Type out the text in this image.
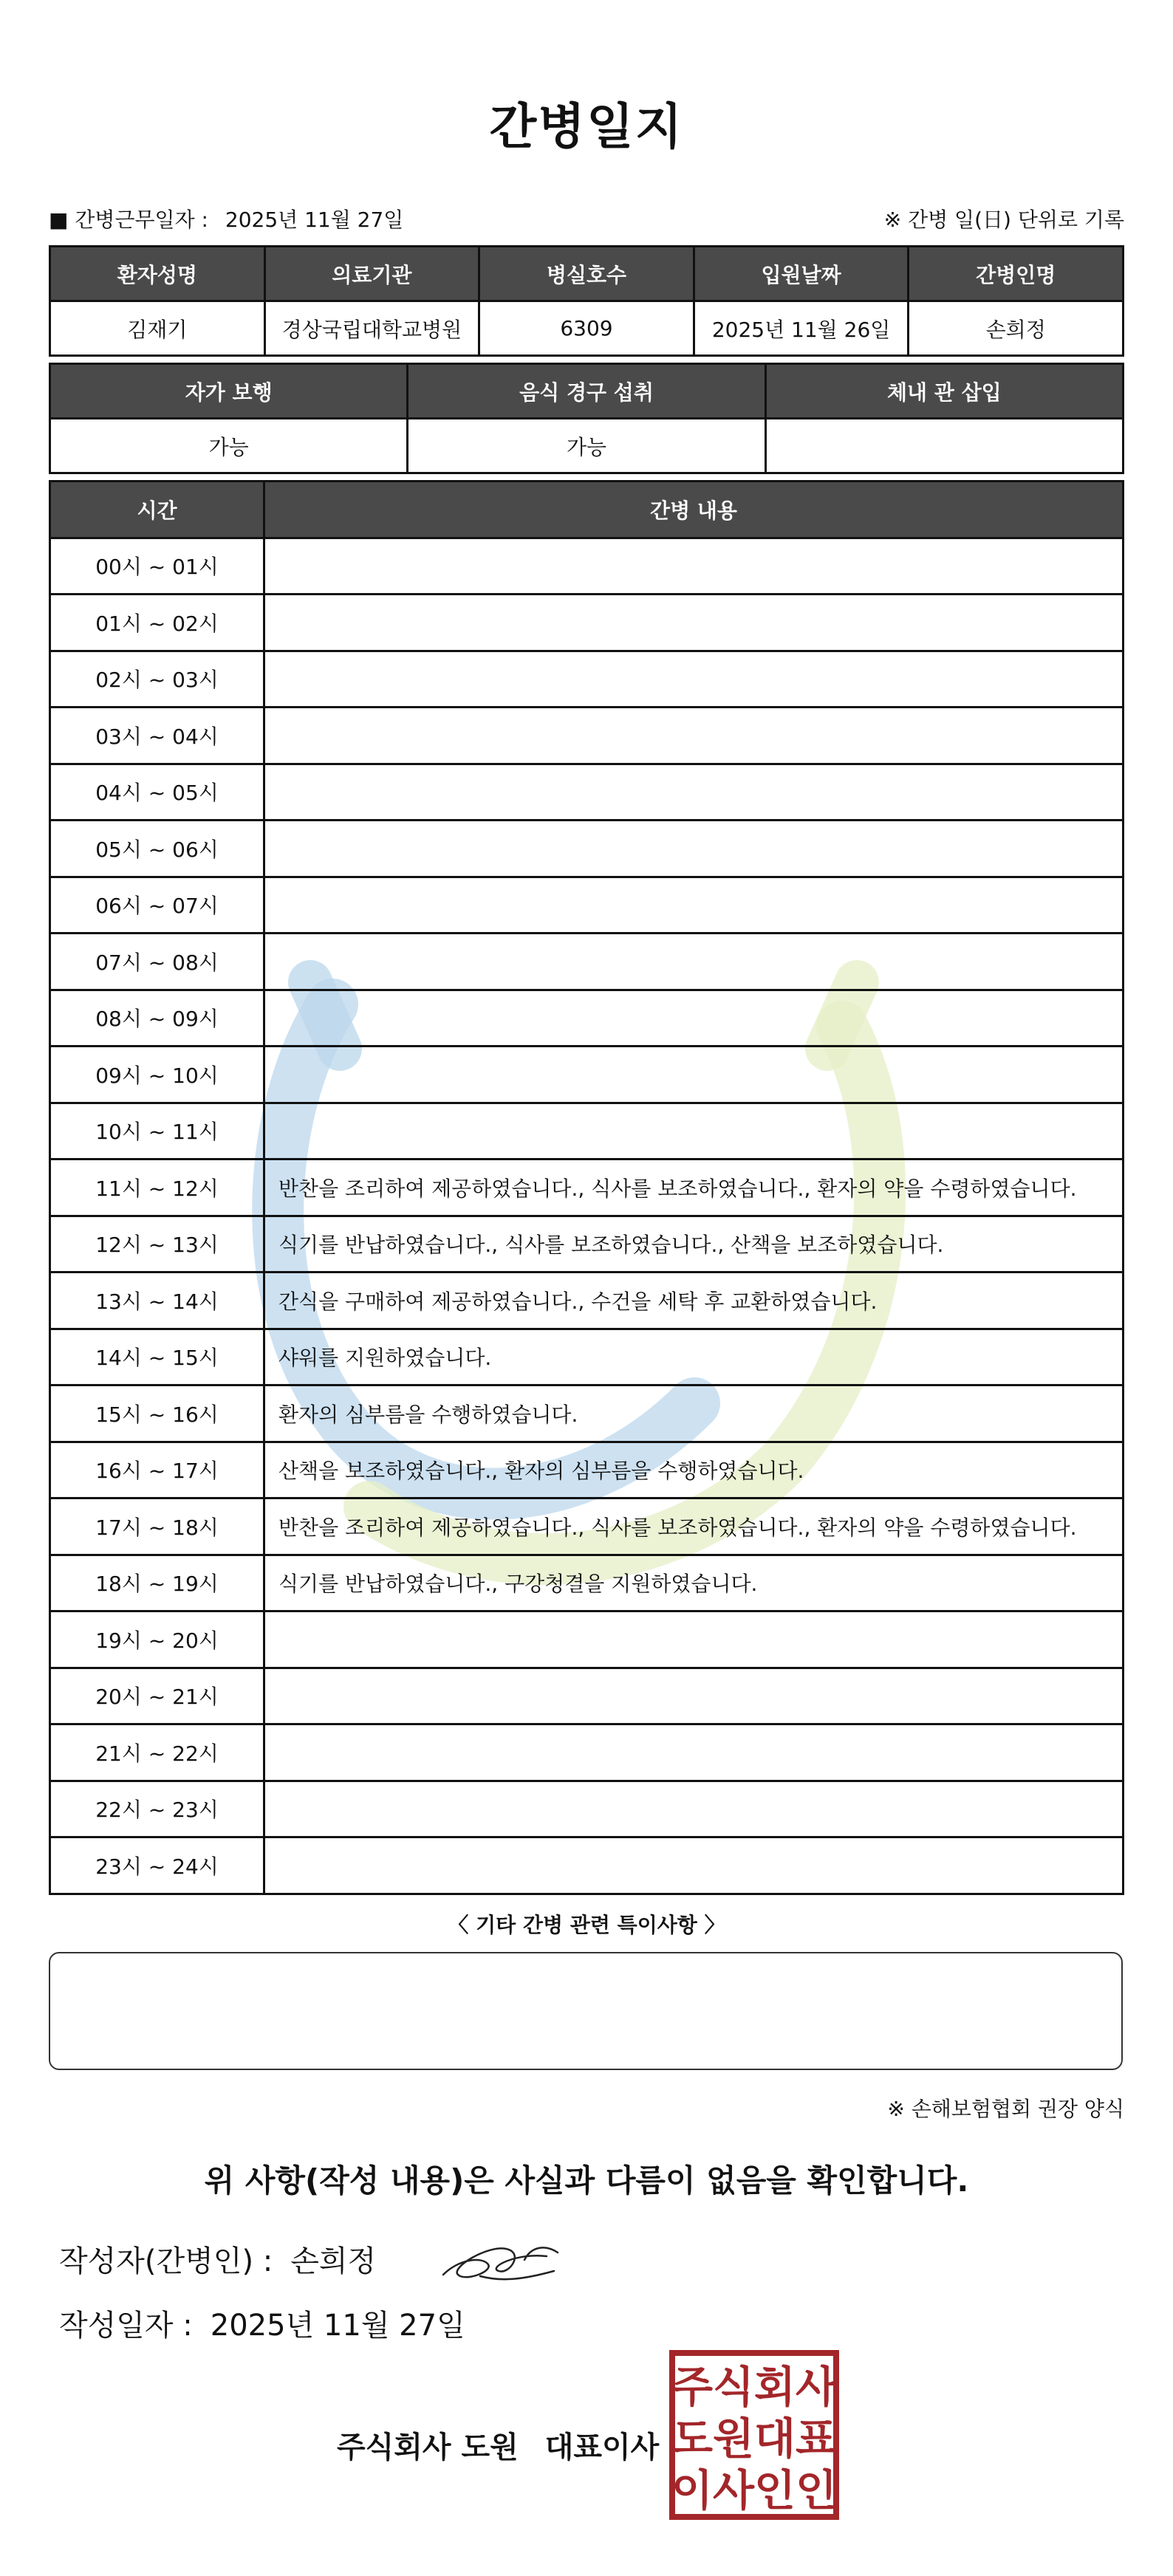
간병일지
■ 간병근무일자 : 2025년 11월 27일	※ 간병 일(日) 단위로 기록
환자성명	의료기관	병실호수	입원날짜	간병인명
김재기	경상국립대학교병원	6309	2025년 11월 26일	손희정
자가 보행	음식 경구 섭취	체내 관 삽입
가능	가능	
시간	간병 내용
00시 ~ 01시	
01시 ~ 02시	
02시 ~ 03시	
03시 ~ 04시	
04시 ~ 05시	
05시 ~ 06시	
06시 ~ 07시	
07시 ~ 08시	
08시 ~ 09시	
09시 ~ 10시	
10시 ~ 11시	
11시 ~ 12시	반찬을 조리하여 제공하였습니다., 식사를 보조하였습니다., 환자의 약을 수령하였습니다.
12시 ~ 13시	식기를 반납하였습니다., 식사를 보조하였습니다., 산책을 보조하였습니다.
13시 ~ 14시	간식을 구매하여 제공하였습니다., 수건을 세탁 후 교환하였습니다.
14시 ~ 15시	샤워를 지원하였습니다.
15시 ~ 16시	환자의 심부름을 수행하였습니다.
16시 ~ 17시	산책을 보조하였습니다., 환자의 심부름을 수행하였습니다.
17시 ~ 18시	반찬을 조리하여 제공하였습니다., 식사를 보조하였습니다., 환자의 약을 수령하였습니다.
18시 ~ 19시	식기를 반납하였습니다., 구강청결을 지원하였습니다.
19시 ~ 20시	
20시 ~ 21시	
21시 ~ 22시	
22시 ~ 23시	
23시 ~ 24시	
〈 기타 간병 관련 특이사항 〉
※ 손해보험협회 권장 양식
위 사항(작성 내용)은 사실과 다름이 없음을 확인합니다.
작성자(간병인) : 손희정
작성일자 : 2025년 11월 27일
주식회사 도원 대표이사
주식회사
도원대표
이사인인
